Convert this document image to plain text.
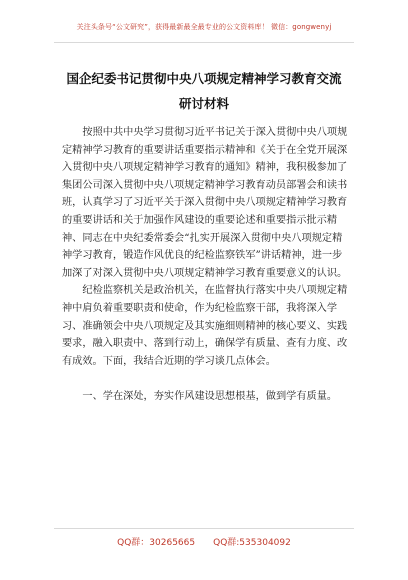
关注头条号“公文研究”，获得最新最全最专业的公文资料库！ 微信：gongwenyj
国企纪委书记贯彻中央八项规定精神学习教育交流研讨材料

按照中共中央学习贯彻习近平书记关于深入贯彻中央八项规定精神学习教育的重要讲话重要指示精神和《关于在全党开展深入贯彻中央八项规定精神学习教育的通知》精神，我积极参加了集团公司深入贯彻中央八项规定精神学习教育动员部署会和读书班，认真学习了习近平关于深入贯彻中央八项规定精神学习教育的重要讲话和关于加强作风建设的重要论述和重要指示批示精神、同志在中央纪委常委会“扎实开展深入贯彻中央八项规定精神学习教育，锻造作风优良的纪检监察铁军”讲话精神，进一步加深了对深入贯彻中央八项规定精神学习教育重要意义的认识。

纪检监察机关是政治机关，在监督执行落实中央八项规定精神中肩负着重要职责和使命，作为纪检监察干部，我将深入学习、准确领会中央八项规定及其实施细则精神的核心要义、实践要求，融入职责中、落到行动上，确保学有质量、查有力度、改有成效。下面，我结合近期的学习谈几点体会。

一、学在深处，夯实作风建设思想根基，做到学有质量。

QQ群：30265665 QQ群:535304092
